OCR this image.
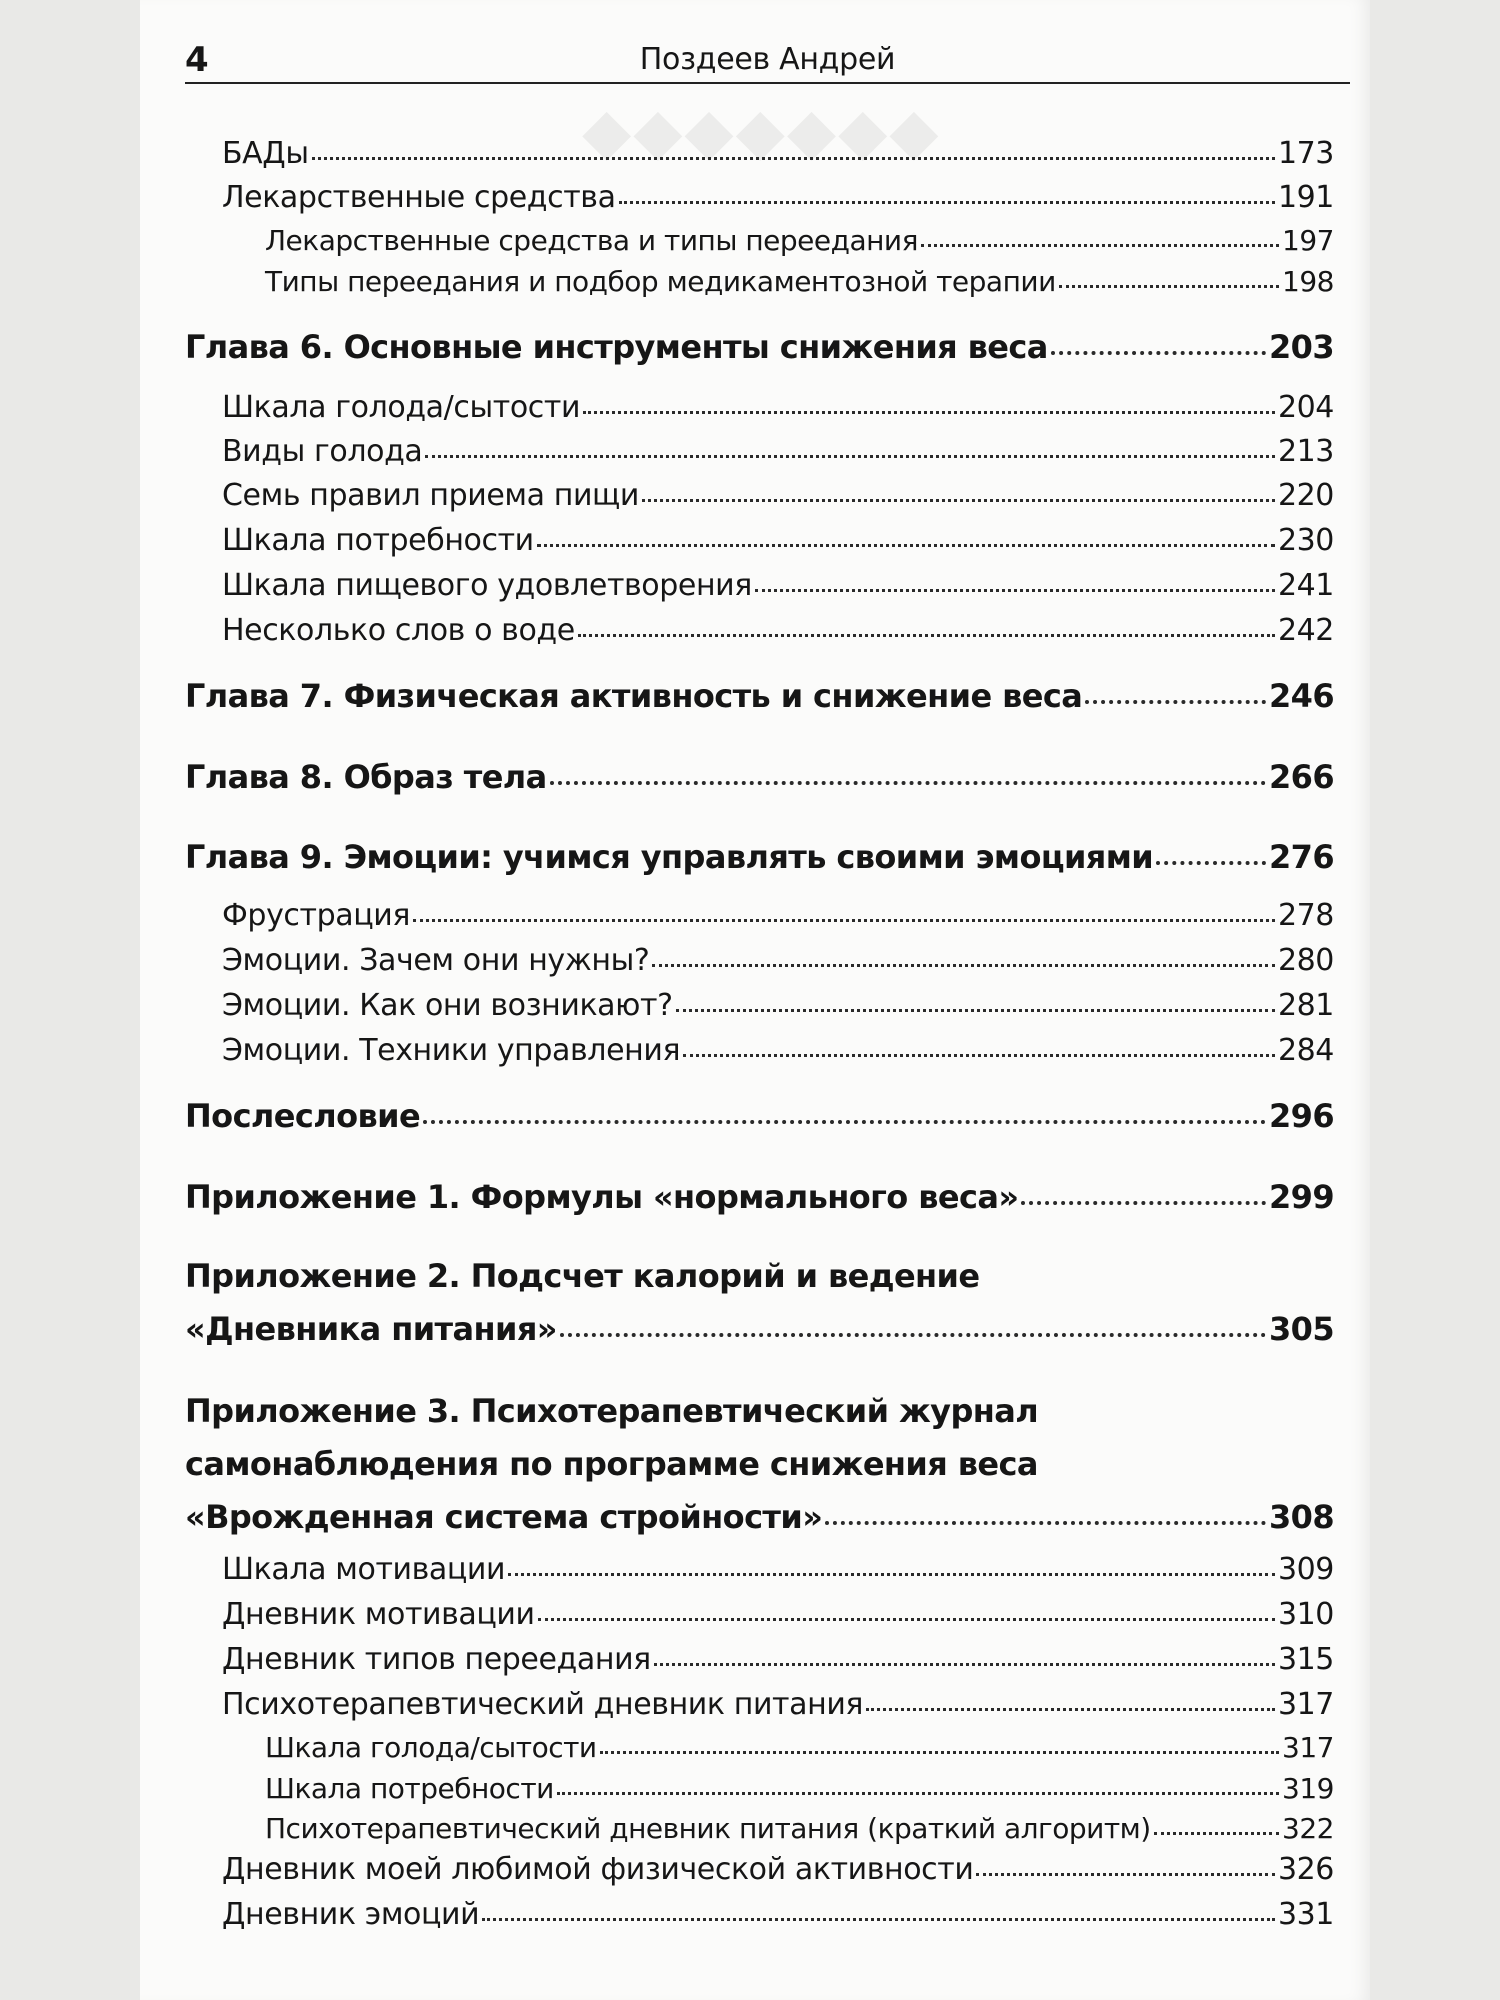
◆◆◆◆◆◆◆
4	Поздеев Андрей
БАДы	173
Лекарственные средства	191
Лекарственные средства и типы переедания	197
Типы переедания и подбор медикаментозной терапии	198
Глава 6. Основные инструменты снижения веса	203
Шкала голода/сытости	204
Виды голода	213
Семь правил приема пищи	220
Шкала потребности	230
Шкала пищевого удовлетворения	241
Несколько слов о воде	242
Глава 7. Физическая активность и снижение веса	246
Глава 8. Образ тела	266
Глава 9. Эмоции: учимся управлять своими эмоциями	276
Фрустрация	278
Эмоции. Зачем они нужны?	280
Эмоции. Как они возникают?	281
Эмоции. Техники управления	284
Послесловие	296
Приложение 1. Формулы «нормального веса»	299
Приложение 2. Подсчет калорий и ведение
«Дневника питания»	305
Приложение 3. Психотерапевтический журнал
самонаблюдения по программе снижения веса
«Врожденная система стройности»	308
Шкала мотивации	309
Дневник мотивации	310
Дневник типов переедания	315
Психотерапевтический дневник питания	317
Шкала голода/сытости	317
Шкала потребности	319
Психотерапевтический дневник питания (краткий алгоритм)	322
Дневник моей любимой физической активности	326
Дневник эмоций	331
